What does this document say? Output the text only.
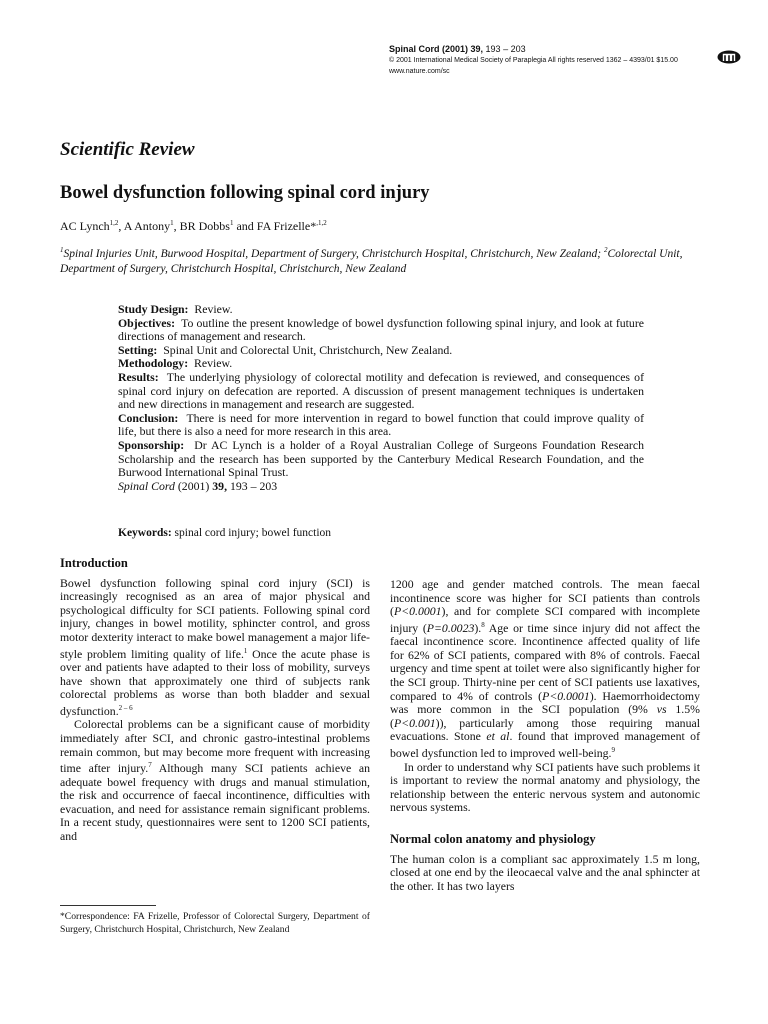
Spinal Cord (2001) 39, 193 – 203
© 2001 International Medical Society of Paraplegia All rights reserved 1362 – 4393/01 $15.00
www.nature.com/sc
Scientific Review
Bowel dysfunction following spinal cord injury
AC Lynch$^{1,2}$, A Antony$^1$, BR Dobbs$^1$ and FA Frizelle*$^{,1,2}$
$^1$Spinal Injuries Unit, Burwood Hospital, Department of Surgery, Christchurch Hospital, Christchurch, New Zealand; $^2$Colorectal Unit, Department of Surgery, Christchurch Hospital, Christchurch, New Zealand

Study Design: Review.

Objectives: To outline the present knowledge of bowel dysfunction following spinal injury, and look at future directions of management and research.

Setting: Spinal Unit and Colorectal Unit, Christchurch, New Zealand.

Methodology: Review.

Results: The underlying physiology of colorectal motility and defecation is reviewed, and consequences of spinal cord injury on defecation are reported. A discussion of present management techniques is undertaken and new directions in management and research are suggested.

Conclusion: There is need for more intervention in regard to bowel function that could improve quality of life, but there is also a need for more research in this area.

Sponsorship: Dr AC Lynch is a holder of a Royal Australian College of Surgeons Foundation Research Scholarship and the research has been supported by the Canterbury Medical Research Foundation, and the Burwood International Spinal Trust.

Spinal Cord (2001) 39, 193 – 203

Keywords: spinal cord injury; bowel function
Introduction

Bowel dysfunction following spinal cord injury (SCI) is increasingly recognised as an area of major physical and psychological difficulty for SCI patients. Following spinal cord injury, changes in bowel motility, sphincter control, and gross motor dexterity interact to make bowel management a major life-style problem limiting quality of life.$^1$ Once the acute phase is over and patients have adapted to their loss of mobility, surveys have shown that approximately one third of subjects rank colorectal problems as worse than both bladder and sexual dysfunction.$^{2 - 6}$

Colorectal problems can be a significant cause of morbidity immediately after SCI, and chronic gastro-intestinal problems remain common, but may become more frequent with increasing time after injury.$^7$ Although many SCI patients achieve an adequate bowel frequency with drugs and manual stimulation, the risk and occurrence of faecal incontinence, difficulties with evacuation, and need for assistance remain significant problems. In a recent study, questionnaires were sent to 1200 SCI patients, and

1200 age and gender matched controls. The mean faecal incontinence score was higher for SCI patients than controls (P<0.0001), and for complete SCI compared with incomplete injury (P=0.0023).$^8$ Age or time since injury did not affect the faecal incontinence score. Incontinence affected quality of life for 62% of SCI patients, compared with 8% of controls. Faecal urgency and time spent at toilet were also significantly higher for the SCI group. Thirty-nine per cent of SCI patients use laxatives, compared to 4% of controls (P<0.0001). Haemorrhoidectomy was more common in the SCI population (9% vs 1.5% (P<0.001)), particularly among those requiring manual evacuations. Stone et al. found that improved management of bowel dysfunction led to improved well-being.$^9$

In order to understand why SCI patients have such problems it is important to review the normal anatomy and physiology, the relationship between the enteric nervous system and autonomic nervous systems.

Normal colon anatomy and physiology

The human colon is a compliant sac approximately 1.5 m long, closed at one end by the ileocaecal valve and the anal sphincter at the other. It has two layers

*Correspondence: FA Frizelle, Professor of Colorectal Surgery, Department of Surgery, Christchurch Hospital, Christchurch, New Zealand
